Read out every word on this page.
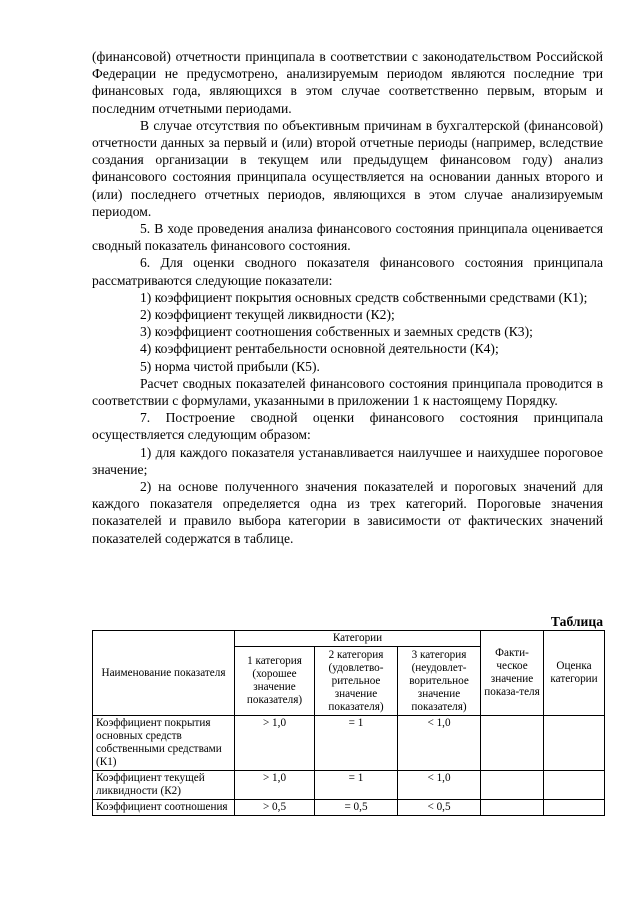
(финансовой) отчетности принципала в соответствии с законодательством Российской Федерации не предусмотрено, анализируемым периодом являются последние три финансовых года, являющихся в этом случае соответственно первым, вторым и последним отчетными периодами.

В случае отсутствия по объективным причинам в бухгалтерской (финансовой) отчетности данных за первый и (или) второй отчетные периоды (например, вследствие создания организации в текущем или предыдущем финансовом году) анализ финансового состояния принципала осуществляется на основании данных второго и (или) последнего отчетных периодов, являющихся в этом случае анализируемым периодом.

5. В ходе проведения анализа финансового состояния принципала оценивается сводный показатель финансового состояния.

6. Для оценки сводного показателя финансового состояния принципала рассматриваются следующие показатели:

1) коэффициент покрытия основных средств собственными средствами (К1);

2) коэффициент текущей ликвидности (К2);

3) коэффициент соотношения собственных и заемных средств (К3);

4) коэффициент рентабельности основной деятельности (К4);

5) норма чистой прибыли (К5).

Расчет сводных показателей финансового состояния принципала проводится в соответствии с формулами, указанными в приложении 1 к настоящему Порядку.

7. Построение сводной оценки финансового состояния принципала осуществляется следующим образом:

1) для каждого показателя устанавливается наилучшее и наихудшее пороговое значение;

2) на основе полученного значения показателей и пороговых значений для каждого показателя определяется одна из трех категорий. Пороговые значения показателей и правило выбора категории в зависимости от фактических значений показателей содержатся в таблице.

Таблица
Наименование показателя	Категории			Факти-ческое значение показа-теля	Оценка категории
	1 категория (хорошее значение показателя)	2 категория (удовлетво-рительное значение показателя)	3 категория (неудовлет-ворительное значение показателя)		
Коэффициент покрытия основных средств собственными средствами (К1)	> 1,0	= 1	< 1,0		
Коэффициент текущей ликвидности (К2)	> 1,0	= 1	< 1,0		
Коэффициент соотношения	> 0,5	= 0,5	< 0,5		
